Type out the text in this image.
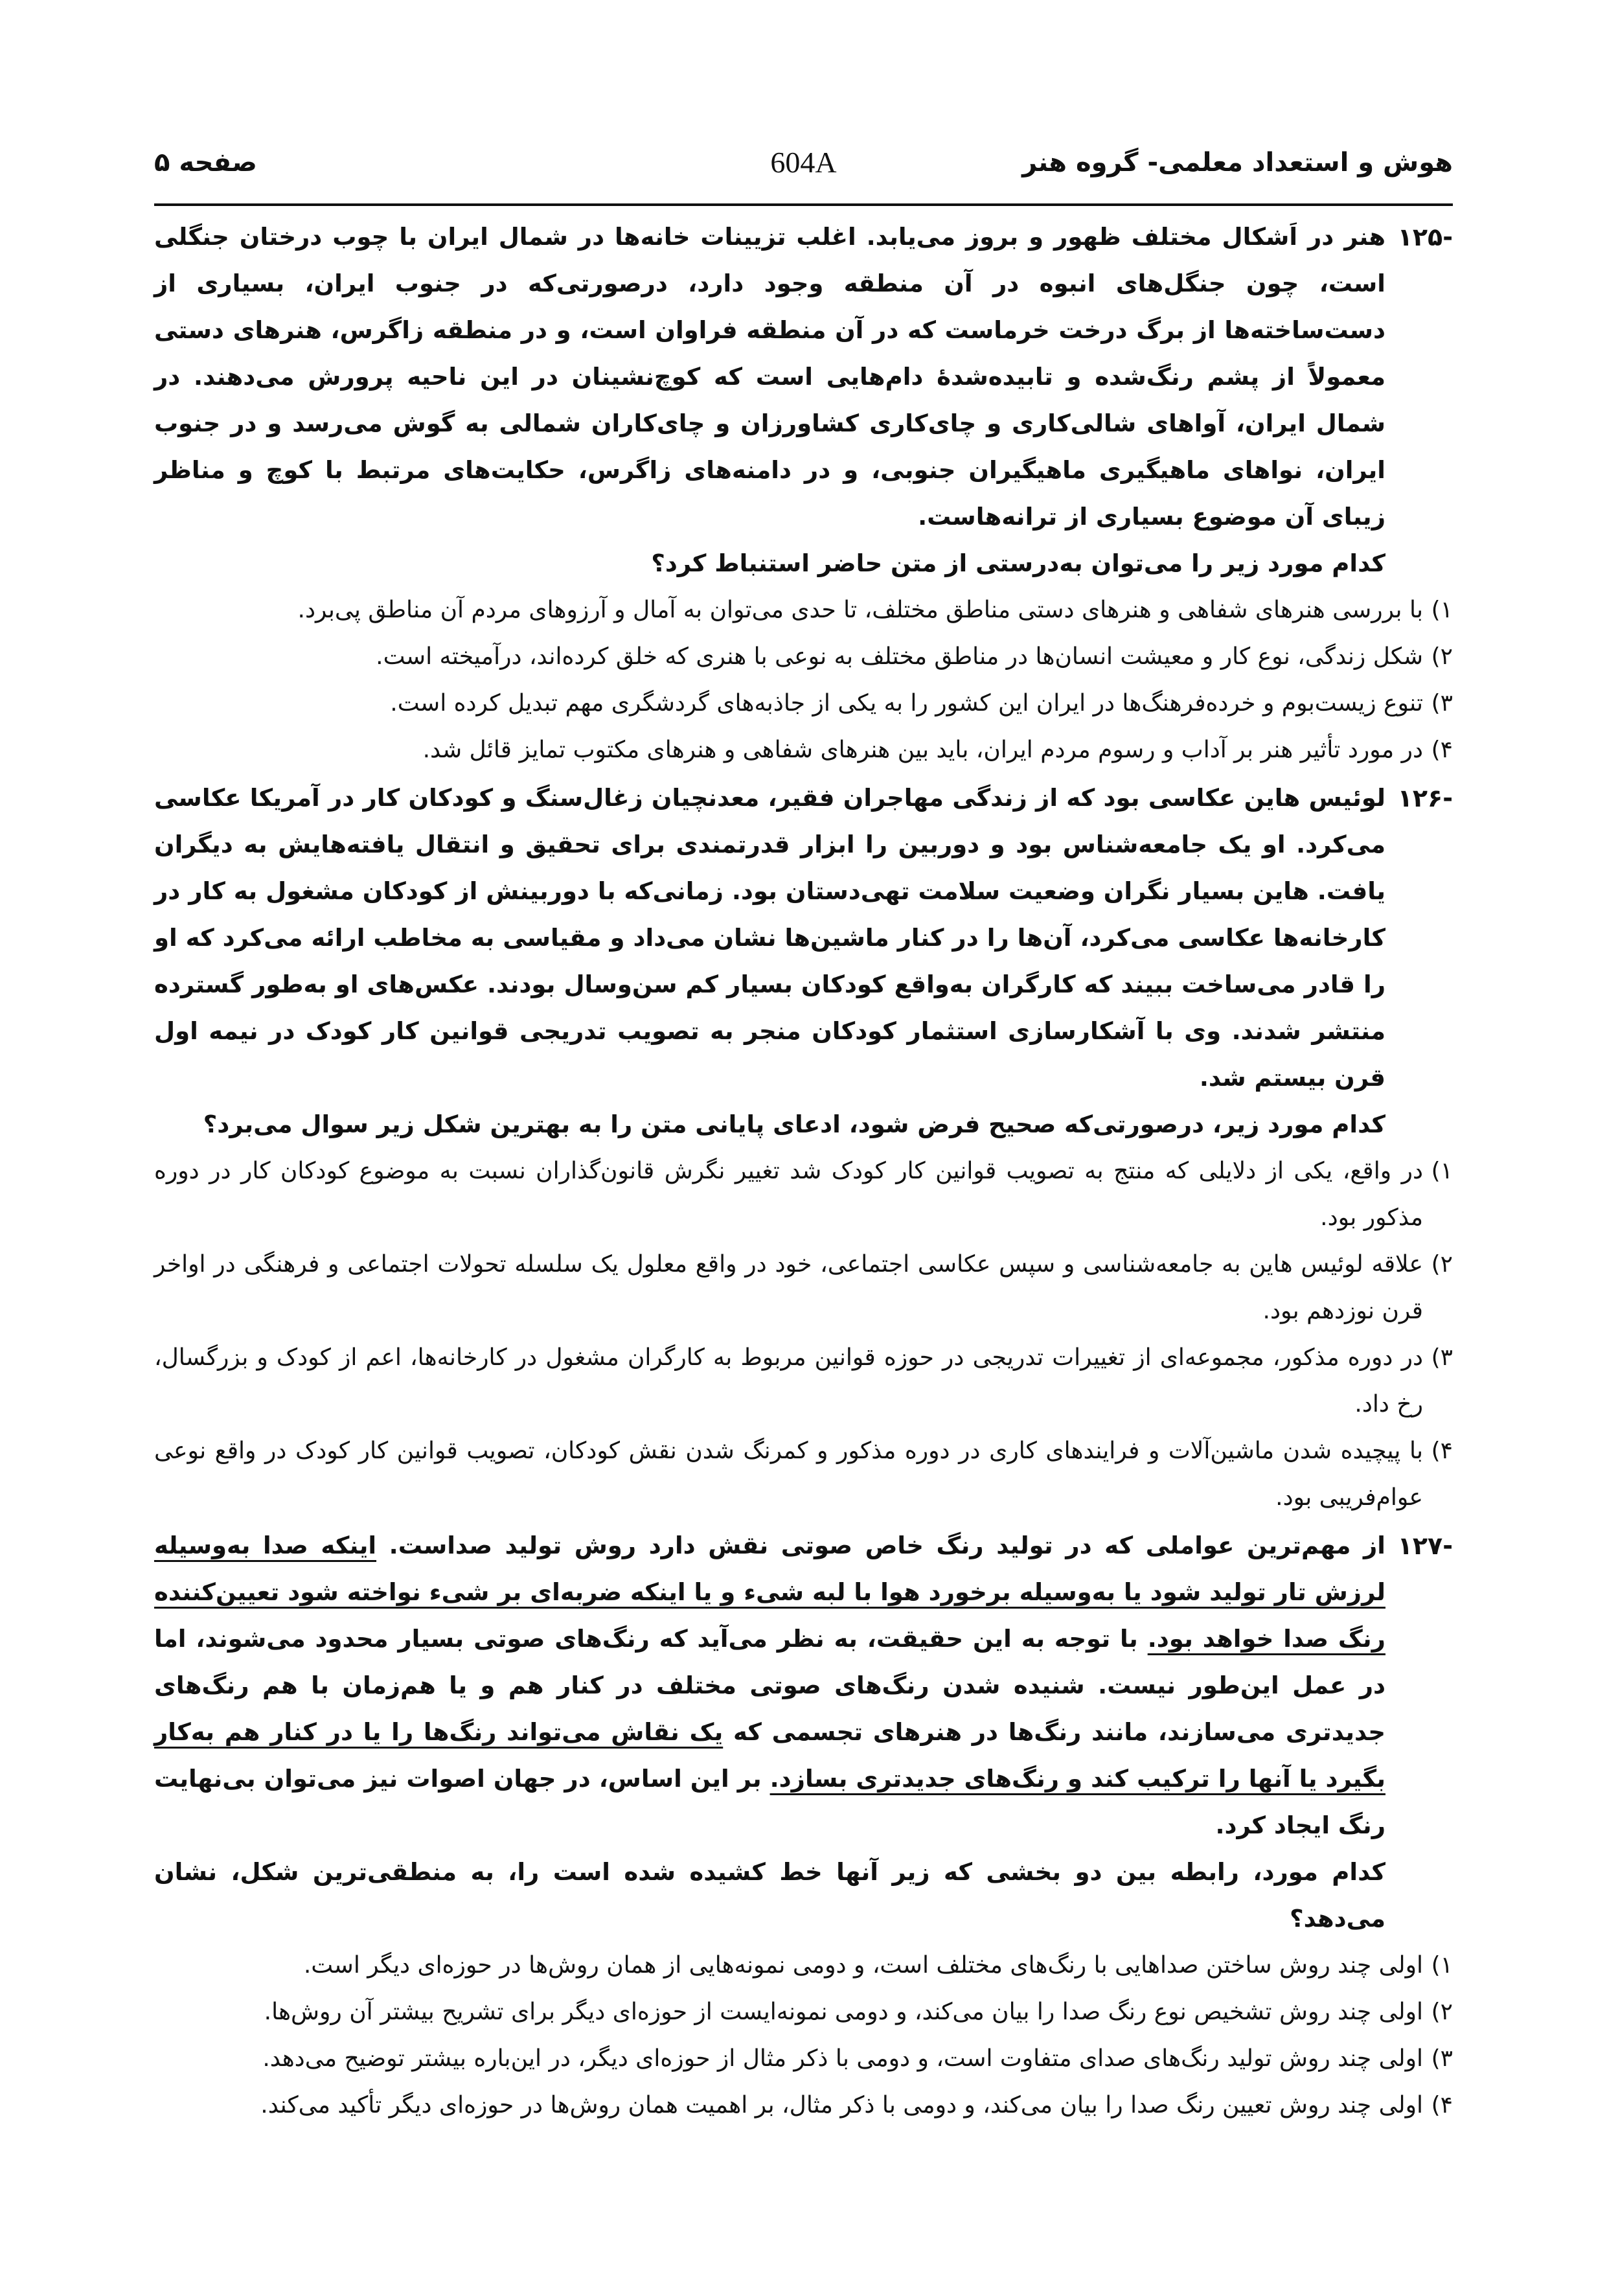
هوش و استعداد معلمی- گروه هنر
604A
صفحه ۵
-۱۲۵

هنر در اَشکال مختلف ظهور و بروز می‌یابد. اغلب تزیینات خانه‌ها در شمال ایران با چوب درختان جنگلی است، چون جنگل‌های انبوه در آن منطقه وجود دارد، درصورتی‌که در جنوب ایران، بسیاری از دست‌ساخته‌ها از برگ درخت خرماست که در آن منطقه فراوان است، و در منطقه زاگرس، هنرهای دستی معمولاً از پشم رنگ‌شده و تابیده‌شدهٔ دام‌هایی است که کوچ‌نشینان در این ناحیه پرورش می‌دهند. در شمال ایران، آواهای شالی‌کاری و چای‌کاری کشاورزان و چای‌کاران شمالی به گوش می‌رسد و در جنوب ایران، نواهای ماهیگیری ماهیگیران جنوبی، و در دامنه‌های زاگرس، حکایت‌های مرتبط با کوچ و مناظر زیبای آن موضوع بسیاری از ترانه‌هاست.

کدام مورد زیر را می‌توان به‌درستی از متن حاضر استنباط کرد؟

۱)
با بررسی هنرهای شفاهی و هنرهای دستی مناطق مختلف، تا حدی می‌توان به آمال و آرزوهای مردم آن مناطق پی‌برد.
۲)
شکل زندگی، نوع کار و معیشت انسان‌ها در مناطق مختلف به نوعی با هنری که خلق کرده‌اند، درآمیخته است.
۳)
تنوع زیست‌بوم و خرده‌فرهنگ‌ها در ایران این کشور را به یکی از جاذبه‌های گردشگری مهم تبدیل کرده است.
۴)
در مورد تأثیر هنر بر آداب و رسوم مردم ایران، باید بین هنرهای شفاهی و هنرهای مکتوب تمایز قائل شد.
-۱۲۶

لوئیس هاین عکاسی بود که از زندگی مهاجران فقیر، معدنچیان زغال‌سنگ و کودکان کار در آمریکا عکاسی می‌کرد. او یک جامعه‌شناس بود و دوربین را ابزار قدرتمندی برای تحقیق و انتقال یافته‌هایش به دیگران یافت. هاین بسیار نگران وضعیت سلامت تهی‌دستان بود. زمانی‌که با دوربینش از کودکان مشغول به کار در کارخانه‌ها عکاسی می‌کرد، آن‌ها را در کنار ماشین‌ها نشان می‌داد و مقیاسی به مخاطب ارائه می‌کرد که او را قادر می‌ساخت ببیند که کارگران به‌واقع کودکان بسیار کم سن‌وسال بودند. عکس‌های او به‌طور گسترده منتشر شدند. وی با آشکارسازی استثمار کودکان منجر به تصویب تدریجی قوانین کار کودک در نیمه اول قرن بیستم شد.

کدام مورد زیر، درصورتی‌که صحیح فرض شود، ادعای پایانی متن را به بهترین شکل زیر سوال می‌برد؟

۱)
در واقع، یکی از دلایلی که منتج به تصویب قوانین کار کودک شد تغییر نگرش قانون‌گذاران نسبت به موضوع کودکان کار در دوره مذکور بود.
۲)
علاقه لوئیس هاین به جامعه‌شناسی و سپس عکاسی اجتماعی، خود در واقع معلول یک سلسله تحولات اجتماعی و فرهنگی در اواخر قرن نوزدهم بود.
۳)
در دوره مذکور، مجموعه‌ای از تغییرات تدریجی در حوزه قوانین مربوط به کارگران مشغول در کارخانه‌ها، اعم از کودک و بزرگسال، رخ داد.
۴)
با پیچیده شدن ماشین‌آلات و فرایندهای کاری در دوره مذکور و کمرنگ شدن نقش کودکان، تصویب قوانین کار کودک در واقع نوعی عوام‌فریبی بود.
-۱۲۷

از مهم‌ترین عواملی که در تولید رنگ خاص صوتی نقش دارد روش تولید صداست. اینکه صدا به‌وسیله لرزش تار تولید شود یا به‌وسیله برخورد هوا با لبه شیء و یا اینکه ضربه‌ای بر شیء نواخته شود تعیین‌کننده رنگ صدا خواهد بود. با توجه به این حقیقت، به نظر می‌آید که رنگ‌های صوتی بسیار محدود می‌شوند، اما در عمل این‌طور نیست. شنیده شدن رنگ‌های صوتی مختلف در کنار هم و یا هم‌زمان با هم رنگ‌های جدیدتری می‌سازند، مانند رنگ‌ها در هنرهای تجسمی که یک نقاش می‌تواند رنگ‌ها را یا در کنار هم به‌کار بگیرد یا آنها را ترکیب کند و رنگ‌های جدیدتری بسازد. بر این اساس، در جهان اصوات نیز می‌توان بی‌نهایت رنگ ایجاد کرد.

کدام مورد، رابطه بین دو بخشی که زیر آنها خط کشیده شده است را، به منطقی‌ترین شکل، نشان می‌دهد؟

۱)
اولی چند روش ساختن صداهایی با رنگ‌های مختلف است، و دومی نمونه‌هایی از همان روش‌ها در حوزه‌ای دیگر است.
۲)
اولی چند روش تشخیص نوع رنگ صدا را بیان می‌کند، و دومی نمونه‌ایست از حوزه‌ای دیگر برای تشریح بیشتر آن روش‌ها.
۳)
اولی چند روش تولید رنگ‌های صدای متفاوت است، و دومی با ذکر مثال از حوزه‌ای دیگر، در این‌باره بیشتر توضیح می‌دهد.
۴)
اولی چند روش تعیین رنگ صدا را بیان می‌کند، و دومی با ذکر مثال، بر اهمیت همان روش‌ها در حوزه‌ای دیگر تأکید می‌کند.
